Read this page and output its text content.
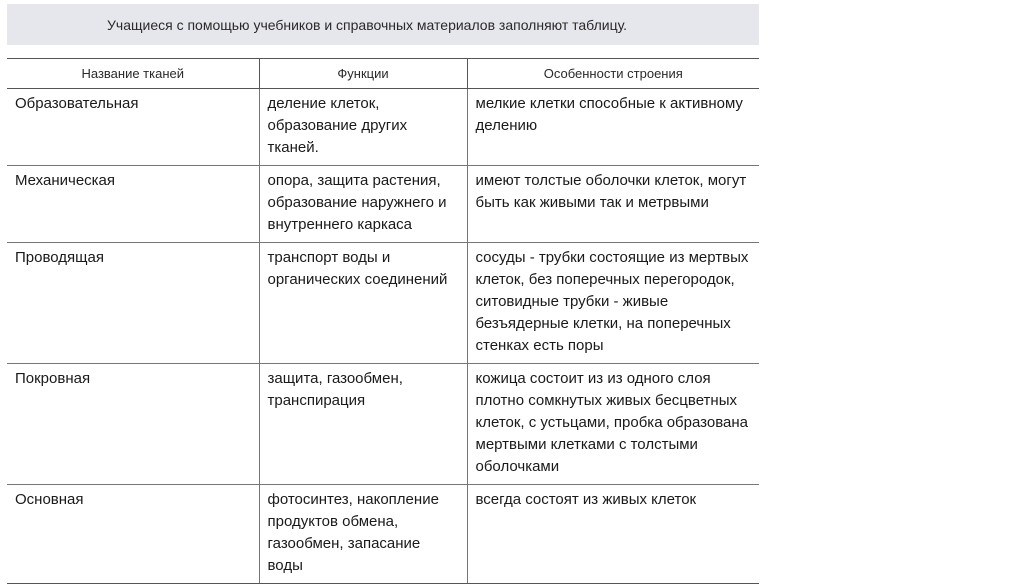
Учащиеся с помощью учебников и справочных материалов заполняют таблицу.
Название тканей	Функции	Особенности строения
Образовательная	деление клеток, образование других тканей.	мелкие клетки способные к активному делению
Механическая	опора, защита растения, образование наружнего и внутреннего каркаса	имеют толстые оболочки клеток, могут быть как живыми так и метрвыми
Проводящая	транспорт воды и органических соединений	сосуды - трубки состоящие из мертвых клеток, без поперечных перегородок, ситовидные трубки - живые безъядерные клетки, на поперечных стенках есть поры
Покровная	защита, газообмен, транспирация	кожица состоит из из одного слоя плотно сомкнутых живых бесцветных клеток, с устьцами, пробка образована мертвыми клетками с толстыми оболочками
Основная	фотосинтез, накопление продуктов обмена, газообмен, запасание воды	всегда состоят из живых клеток
